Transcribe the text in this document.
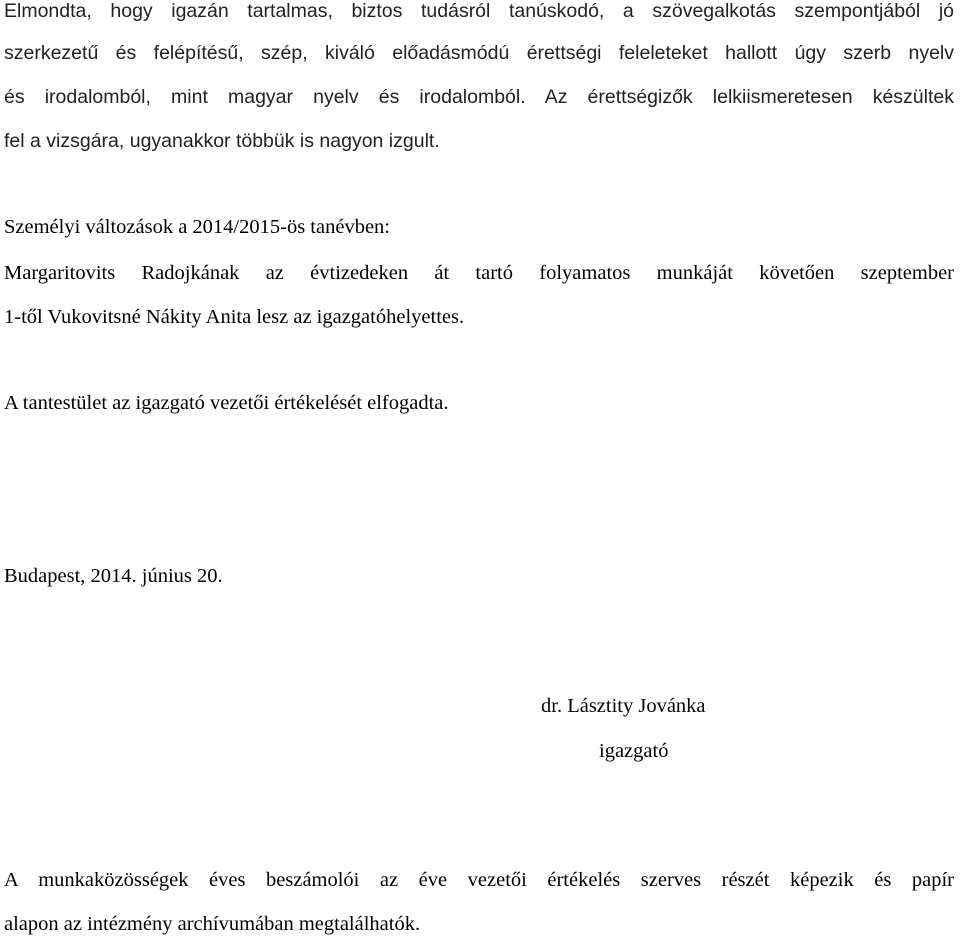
Elmondta, hogy igazán tartalmas, biztos tudásról tanúskodó, a szövegalkotás szempontjából jó
szerkezetű és felépítésű, szép, kiváló előadásmódú érettségi feleleteket hallott úgy szerb nyelv
és irodalomból, mint magyar nyelv és irodalomból. Az érettségizők lelkiismeretesen készültek
fel a vizsgára, ugyanakkor többük is nagyon izgult.
Személyi változások a 2014/2015-ös tanévben:
Margaritovits Radojkának az évtizedeken át tartó folyamatos munkáját követően szeptember
1-től Vukovitsné Nákity Anita lesz az igazgatóhelyettes.
A tantestület az igazgató vezetői értékelését elfogadta.
Budapest, 2014. június 20.
dr. Lásztity Jovánka
igazgató
A munkaközösségek éves beszámolói az éve vezetői értékelés szerves részét képezik és papír
alapon az intézmény archívumában megtalálhatók.
